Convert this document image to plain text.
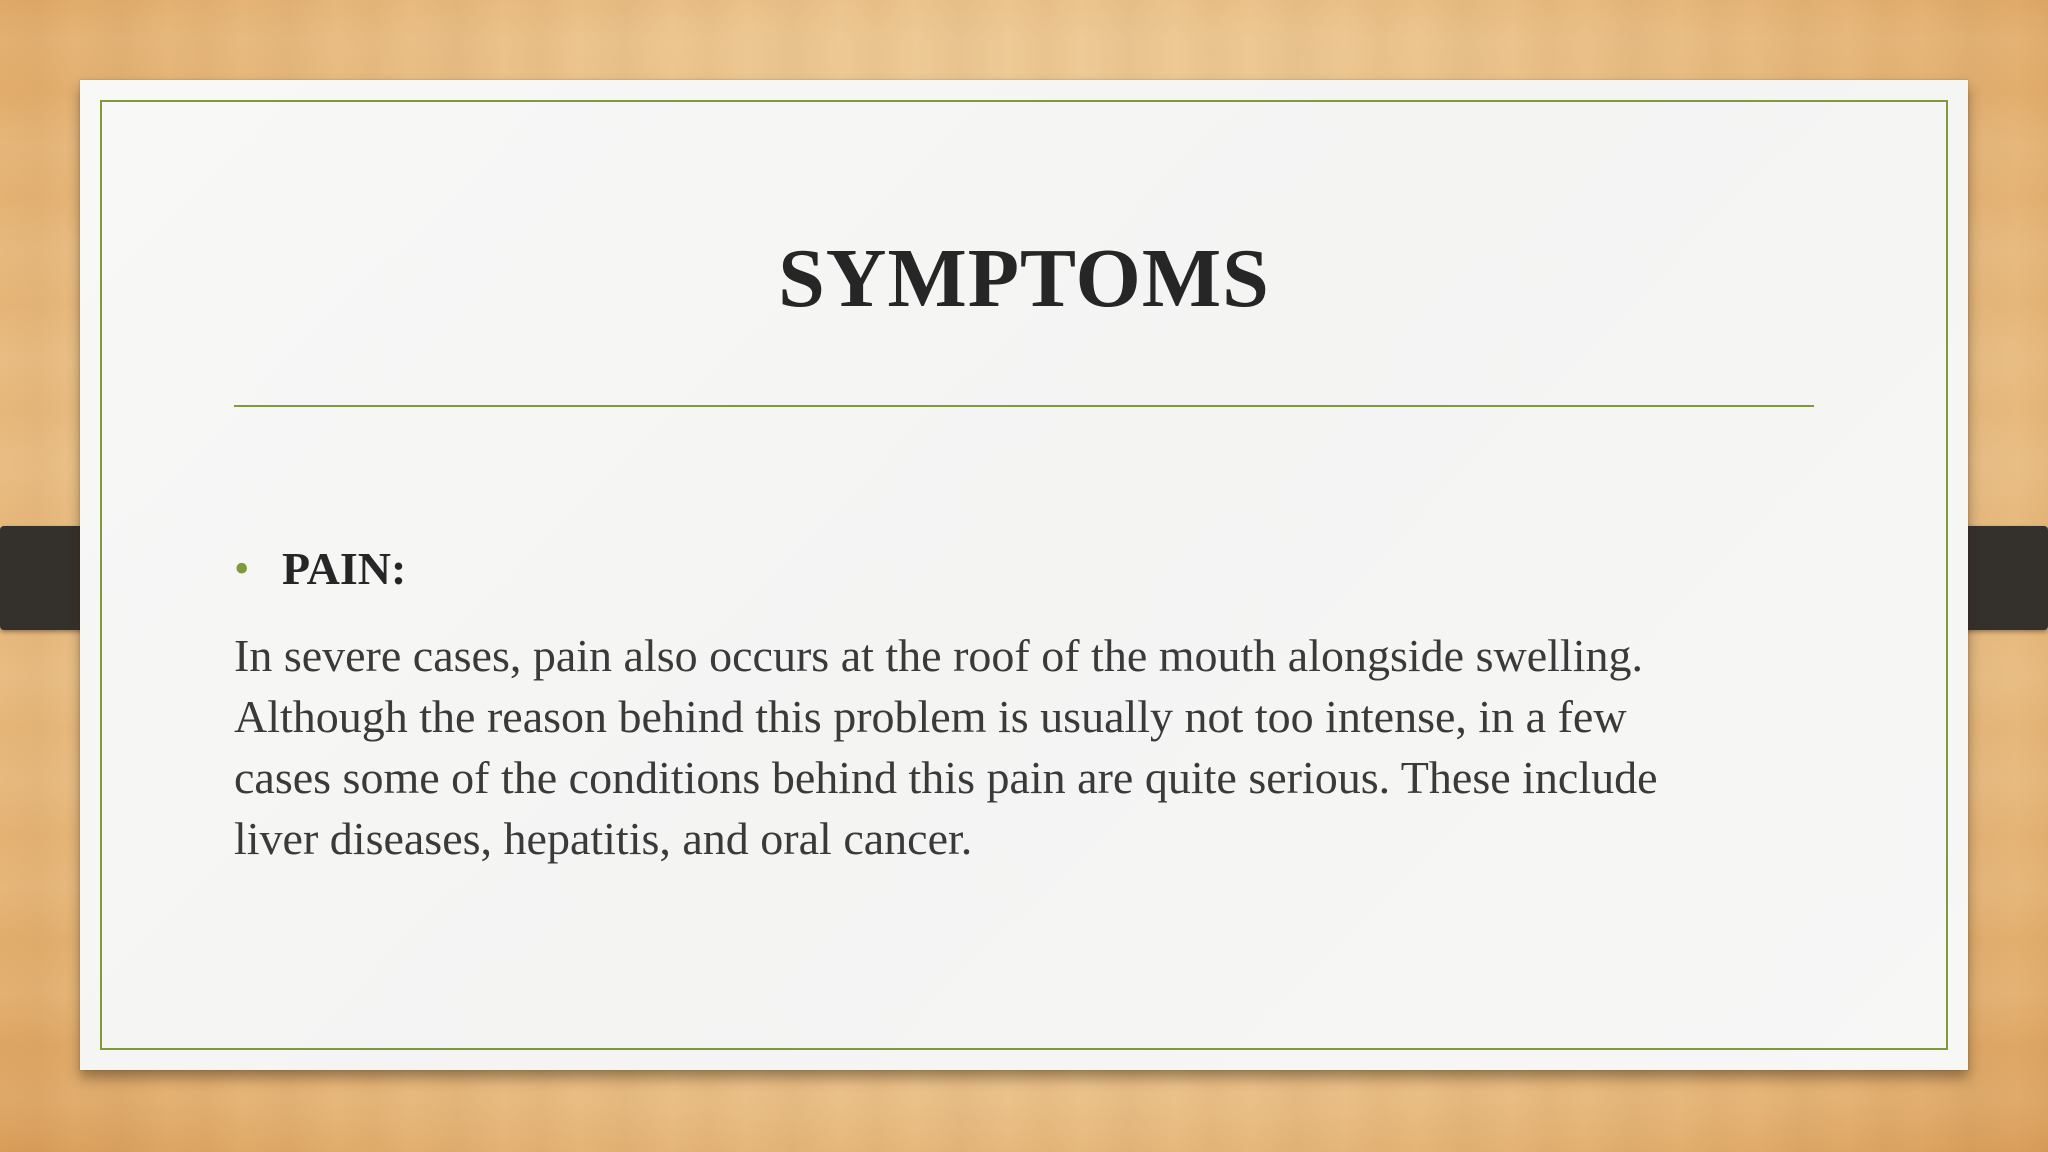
SYMPTOMS
• PAIN:
In severe cases, pain also occurs at the roof of the mouth alongside swelling.
Although the reason behind this problem is usually not too intense, in a few
cases some of the conditions behind this pain are quite serious. These include
liver diseases, hepatitis, and oral cancer.
